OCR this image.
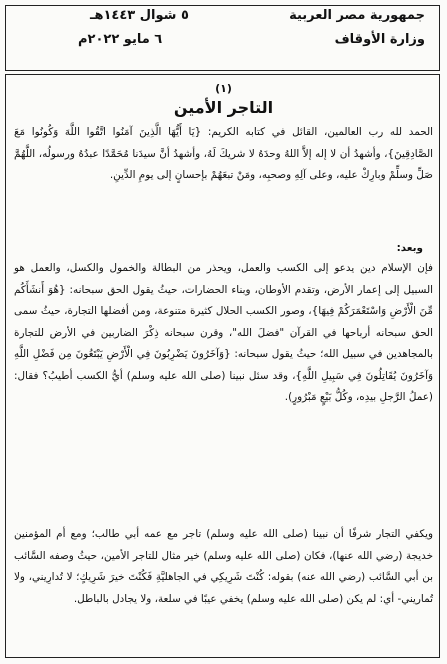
جمهورية مصر العربية
وزارة الأوقاف
٥ شوال ١٤٤٣هـ
٦ مايو ٢٠٢٢م
(١)
التاجر الأمين

الحمد لله رب العالمين، القائل في كتابه الكريم: {يَا أَيُّهَا الَّذِينَ آمَنُوا اتَّقُوا اللَّهَ وَكُونُوا مَعَ الصَّادِقِينَ}، وأشهدُ أن لا إله إلاَّ اللهُ وحدَهُ لا شريكَ لَهُ، وأشهدُ أنَّ سيدَنا مُحَمَّدًا عبدُهُ ورسولُه، اللَّهُمَّ صَلِّ وسلِّمْ وبارِكْ عليه، وعلى آلِهِ وصحبِه، ومَنْ تبعَهُمْ بإحسانٍ إلى يومِ الدِّينِ.

وبعد:

فإن الإسلام دين يدعو إلى الكسب والعمل، ويحذر من البطالة والخمول والكسل، والعمل هو السبيل إلى إعمار الأرض، وتقدم الأوطان، وبناء الحضارات، حيثُ يقول الحق سبحانه: {هُوَ أَنشَأَكُم مِّنَ الْأَرْضِ وَاسْتَعْمَرَكُمْ فِيهَا}، وصور الكسب الحلال كثيرة متنوعة، ومن أفضلها التجارة، حيثُ سمى الحق سبحانه أرباحها في القرآن "فضلَ الله"، وقرن سبحانه ذِكْرَ الضاربين في الأرض للتجارة بالمجاهدين في سبيل الله؛ حيثُ يقول سبحانه: {وَآخَرُونَ يَضْرِبُونَ فِي الْأَرْضِ يَبْتَغُونَ مِن فَضْلِ اللَّهِ وَآخَرُونَ يُقَاتِلُونَ فِي سَبِيلِ اللَّهِ}، وقد سئل نبينا (صلى الله عليه وسلم) أيُّ الكسب أطيبُ؟ فقال: (عملُ الرَّجلِ بيدِه، وكُلُّ بَيْعٍ مَبْرُورٍ).

ويكفي التجار شرفًا أن نبينا (صلى الله عليه وسلم) تاجر مع عمه أبي طالب؛ ومع أم المؤمنين خديجة (رضي الله عنها)، فكان (صلى الله عليه وسلم) خير مثال للتاجر الأمين، حيثُ وصفه السَّائب بن أبي السَّائب (رضي الله عنه) بقوله: كُنْتَ شَرِيكِي في الجاهليَّةِ فَكُنْتَ خيرَ شَرِيكٍ؛ لا تُدارِيني، ولا تُماريني- أي: لم يكن (صلى الله عليه وسلم) يخفي عيبًا في سلعة، ولا يجادل بالباطل.
